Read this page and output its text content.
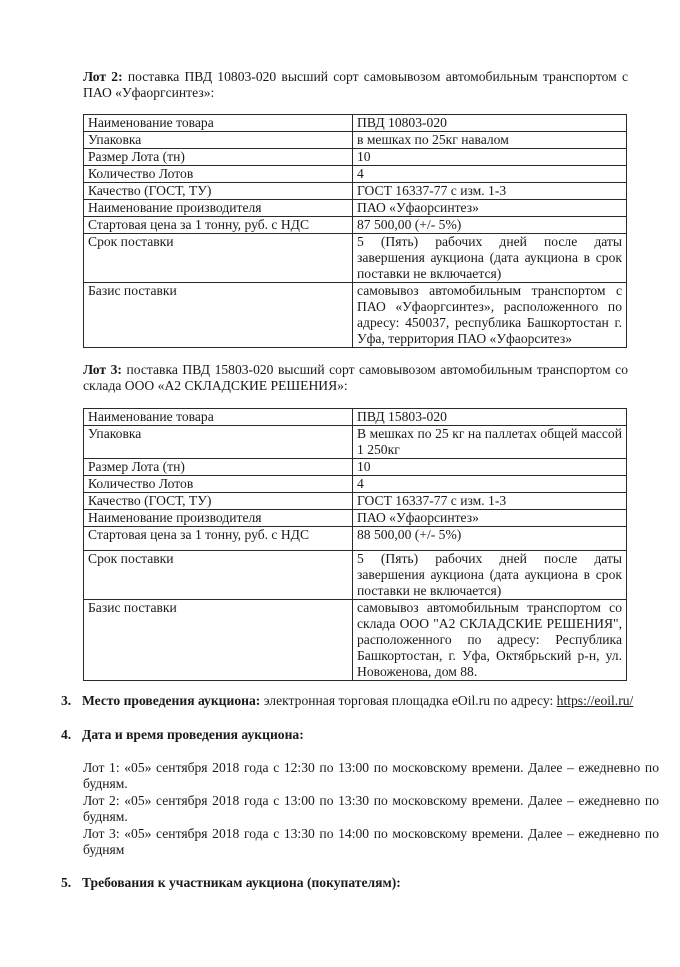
Лот 2: поставка ПВД 10803-020 высший сорт самовывозом автомобильным транспортом с ПАО «Уфаоргсинтез»:

Наименование товара	ПВД 10803-020
Упаковка	в мешках по 25кг навалом
Размер Лота (тн)	10
Количество Лотов	4
Качество (ГОСТ, ТУ)	ГОСТ 16337-77 с изм. 1-3
Наименование производителя	ПАО «Уфаорсинтез»
Стартовая цена за 1 тонну, руб. с НДС	87 500,00 (+/- 5%)
Срок поставки	5 (Пять) рабочих дней после даты завершения аукциона (дата аукциона в срок поставки не включается)
Базис поставки	самовывоз автомобильным транспортом с ПАО «Уфаоргсинтез», расположенного по адресу: 450037, республика Башкортостан г. Уфа, территория ПАО «Уфаорситез»

Лот 3: поставка ПВД 15803-020 высший сорт самовывозом автомобильным транспортом со склада ООО «А2 СКЛАДСКИЕ РЕШЕНИЯ»:

Наименование товара	ПВД 15803-020
Упаковка	В мешках по 25 кг на паллетах общей массой 1 250кг
Размер Лота (тн)	10
Количество Лотов	4
Качество (ГОСТ, ТУ)	ГОСТ 16337-77 с изм. 1-3
Наименование производителя	ПАО «Уфаорсинтез»
Стартовая цена за 1 тонну, руб. с НДС	88 500,00 (+/- 5%)
Срок поставки	5 (Пять) рабочих дней после даты завершения аукциона (дата аукциона в срок поставки не включается)
Базис поставки	самовывоз автомобильным транспортом со склада ООО "А2 СКЛАДСКИЕ РЕШЕНИЯ", расположенного по адресу: Республика Башкортостан, г. Уфа, Октябрьский р-н, ул. Новоженова, дом 88.

3. Место проведения аукциона: электронная торговая площадка eOil.ru по адресу: https://eoil.ru/

4. Дата и время проведения аукциона:

Лот 1: «05» сентября 2018 года с 12:30 по 13:00 по московскому времени. Далее – ежедневно по будням.

Лот 2: «05» сентября 2018 года с 13:00 по 13:30 по московскому времени. Далее – ежедневно по будням.

Лот 3: «05» сентября 2018 года с 13:30 по 14:00 по московскому времени. Далее – ежедневно по будням

5. Требования к участникам аукциона (покупателям):
